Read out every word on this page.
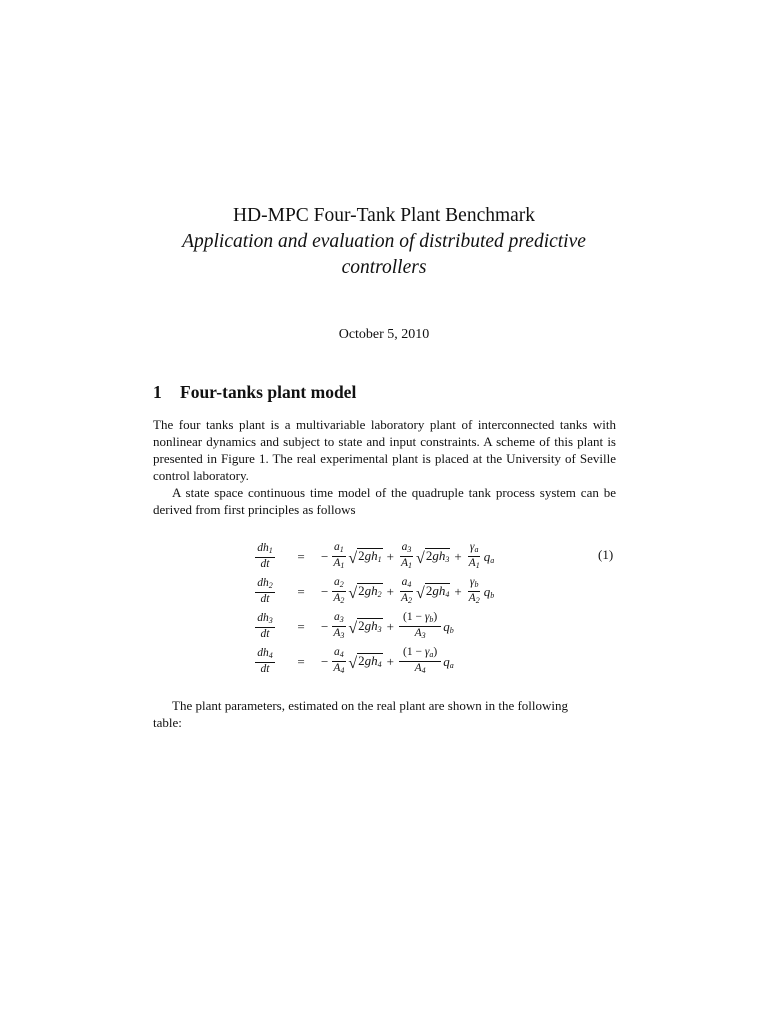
HD-MPC Four-Tank Plant Benchmark
Application and evaluation of distributed predictive controllers
October 5, 2010
1 Four-tanks plant model
The four tanks plant is a multivariable laboratory plant of interconnected tanks with nonlinear dynamics and subject to state and input constraints. A scheme of this plant is presented in Figure 1. The real experimental plant is placed at the University of Seville control laboratory.
A state space continuous time model of the quadruple tank process system can be derived from first principles as follows
$\frac{dh_1}{dt}$	=	− $\frac{a_1}{A_1}$ √ $2gh_1 + \frac{a_3}{A_1}$ √ $2gh_3 + \frac{\gamma_a}{A_1} q_a$
$\frac{dh_2}{dt}$	=	− $\frac{a_2}{A_2}$ √ $2gh_2 + \frac{a_4}{A_2}$ √ $2gh_4 + \frac{\gamma_b}{A_2} q_b$
$\frac{dh_3}{dt}$	=	− $\frac{a_3}{A_3}$ √ $2gh_3 + \frac{(1 - \gamma_b)}{A_3} q_b$
$\frac{dh_4}{dt}$	=	− $\frac{a_4}{A_4}$ √ $2gh_4 + \frac{(1 - \gamma_a)}{A_4} q_a$
(1)
The plant parameters, estimated on the real plant are shown in the following
table:
